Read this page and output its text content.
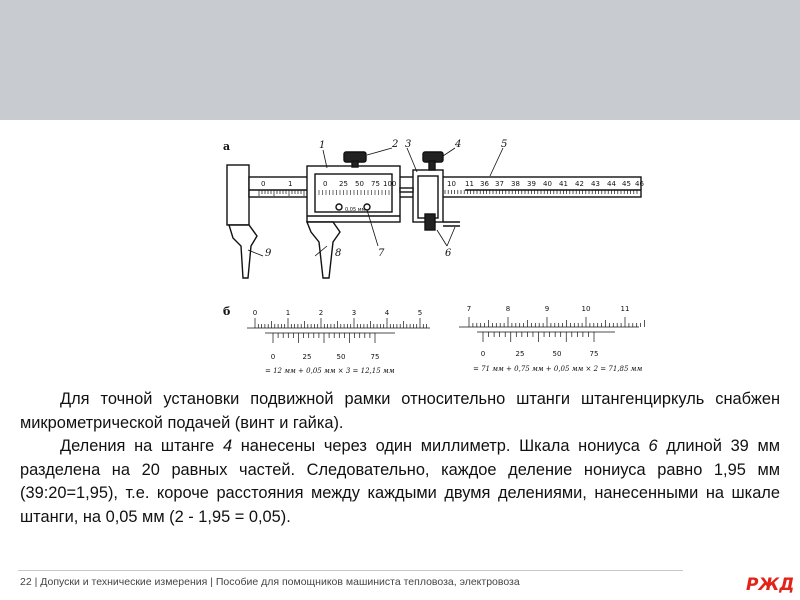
а
б
0	1	10 11 36 37 38 39 40 41 42 43 44 45 46
0 25 50 75 100
0,05 мм
1	2 3	4	5
6
7
8
9
0	1	2	3	4	5
0	25	50	75
= 12 мм + 0,05 мм × 3 = 12,15 мм
7	8	9	10	11
0	25	50	75
= 71 мм + 0,75 мм + 0,05 мм × 2 = 71,85 мм

Для точной установки подвижной рамки относительно штанги штангенциркуль снабжен микрометрической подачей (винт и гайка).

Деления на штанге 4 нанесены через один миллиметр. Шкала нониуса 6 длиной 39 мм разделена на 20 равных частей. Следовательно, каждое деление нониуса равно 1,95 мм (39:20=1,95), т.е. короче расстояния между каждыми двумя делениями, нанесенными на шкале штанги, на 0,05 мм (2 - 1,95 = 0,05).

22 | Допуски и технические измерения | Пособие для помощников машиниста тепловоза, электровоза	РЖД
